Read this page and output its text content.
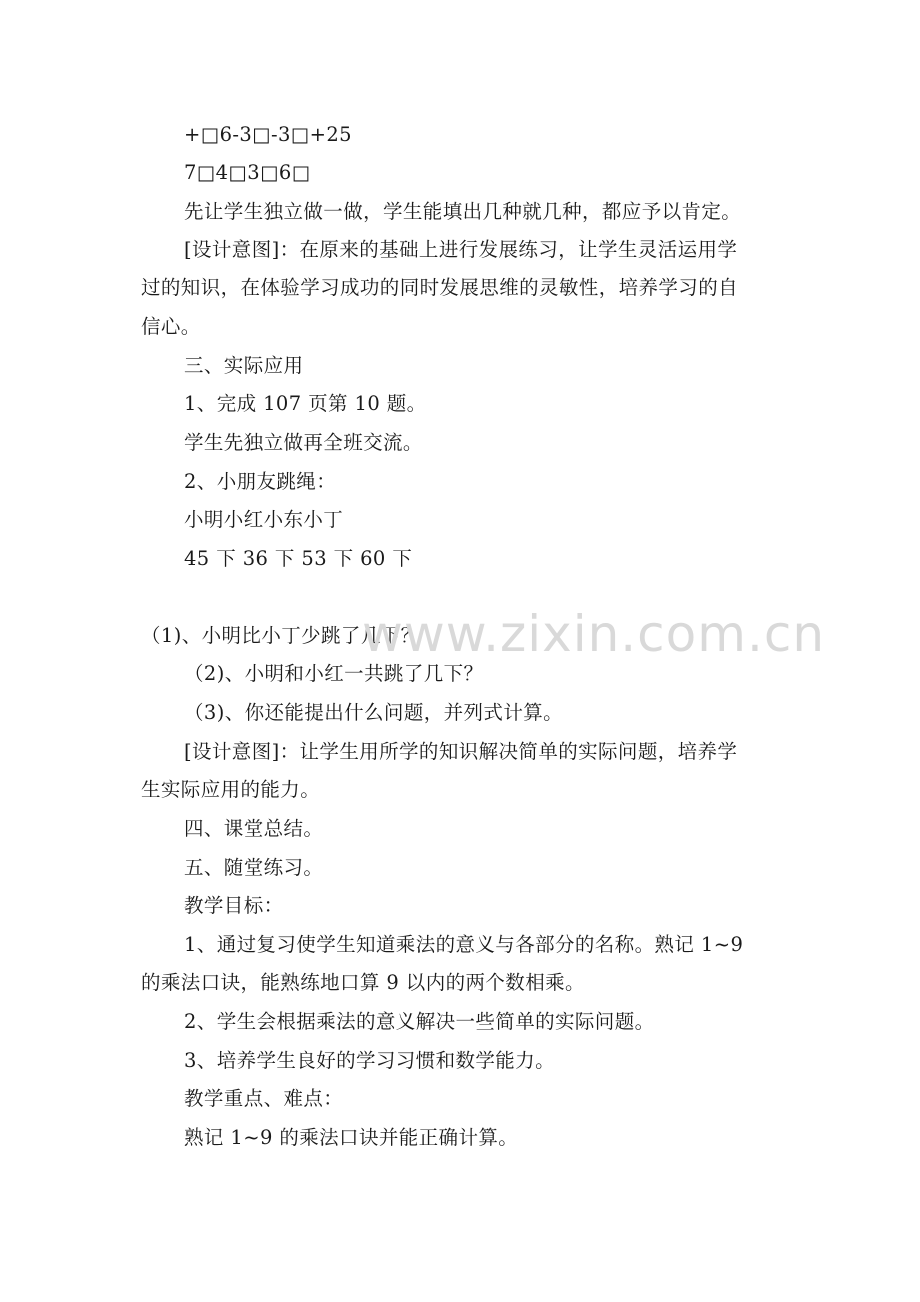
+□6-3□-3□+25
7□4□3□6□
先让学生独立做一做，学生能填出几种就几种，都应予以肯定。
[设计意图]：在原来的基础上进行发展练习，让学生灵活运用学
过的知识，在体验学习成功的同时发展思维的灵敏性，培养学习的自
信心。
三、实际应用
1、完成 107 页第 10 题。
学生先独立做再全班交流。
2、小朋友跳绳：
小明小红小东小丁
45 下 36 下 53 下 60 下
（1)、小明比小丁少跳了几下？
（2)、小明和小红一共跳了几下？
（3)、你还能提出什么问题，并列式计算。
[设计意图]：让学生用所学的知识解决简单的实际问题，培养学
生实际应用的能力。
四、课堂总结。
五、随堂练习。
教学目标：
1、通过复习使学生知道乘法的意义与各部分的名称。熟记 1~9
的乘法口诀，能熟练地口算 9 以内的两个数相乘。
2、学生会根据乘法的意义解决一些简单的实际问题。
3、培养学生良好的学习习惯和数学能力。
教学重点、难点：
熟记 1~9 的乘法口诀并能正确计算。
www.zixin.com.cn
